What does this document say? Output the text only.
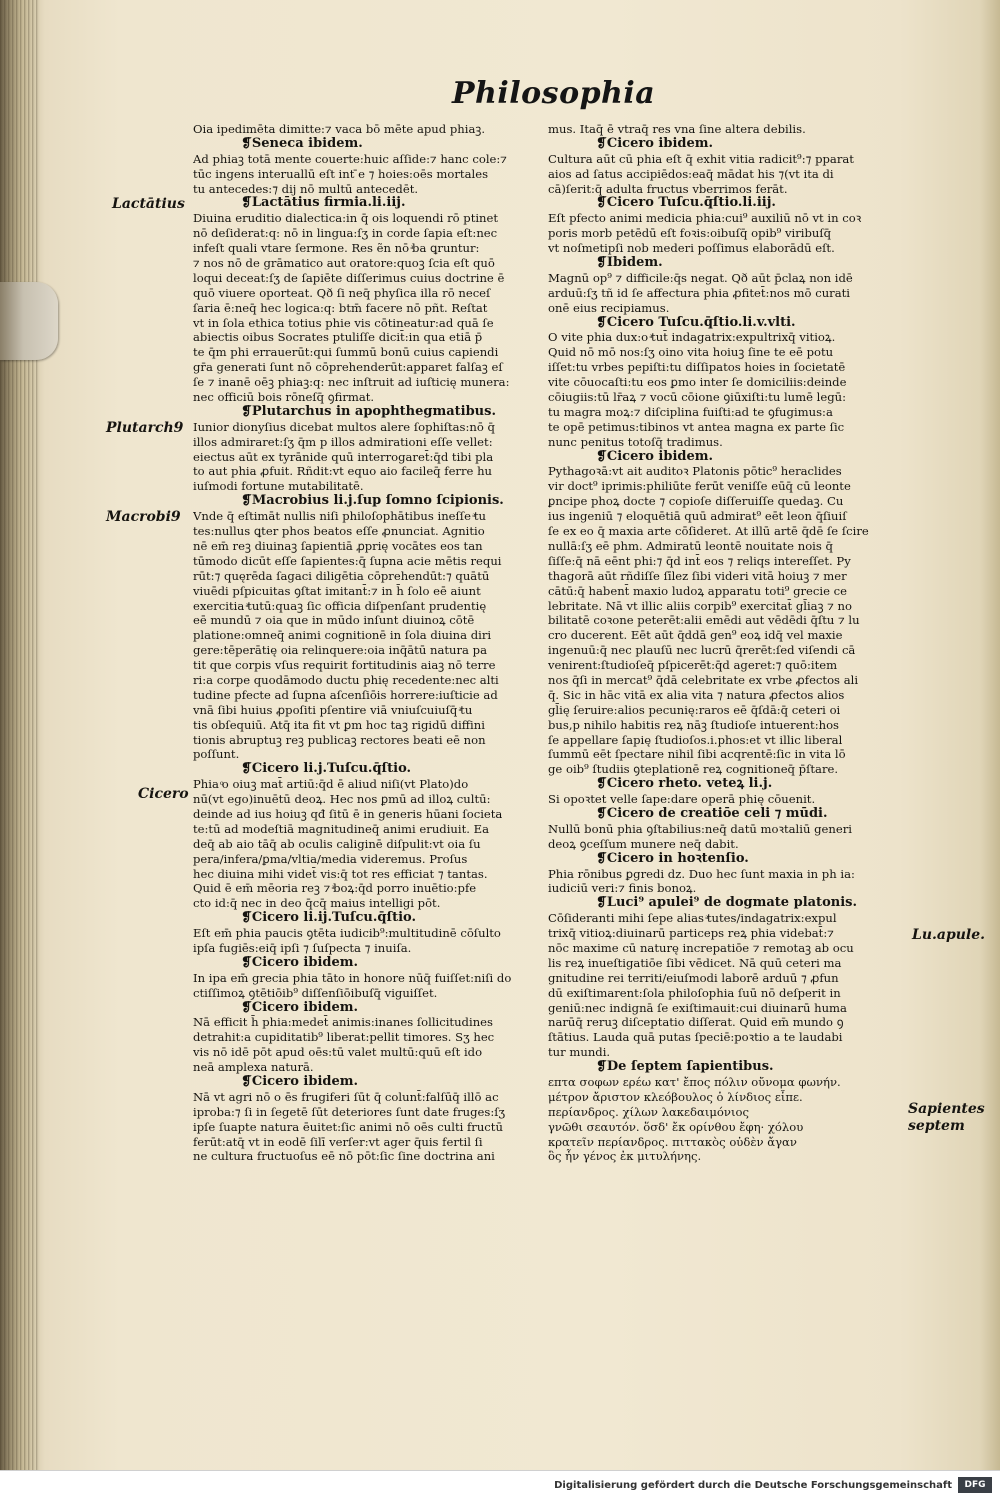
Philosophia
Lactātius
Plutarch9
Macrobi9
Cicero
Lu.apule.
Sapientes
septem
Oia ipedimēta dimitte:⁊ vaca bō mēte apud phiaꝫ.
❡Seneca ibidem.
Ad phiaꝫ totā mente couerte:huic aſſide:⁊ hanc cole:⁊
tūc ingens interuallū eſt int ̄e ⁊ hoies:oēs mortales
tu antecedes:⁊ dij nō multū antecedēt.
❡Lactātius firmia.li.iij.
Diuina eruditio dialectica:in q̄ ois loquendi rō ptinet
nō deſiderat:q: nō in lingua:ſʒ in corde ſapia eſt:nec
infeſt quali vtare ſermone. Res ẽn nō ͣba ꝗruntur:
⁊ nos nō de grāmatico aut oratore:quoꝫ ſcia eſt quō
loqui deceat:ſʒ de ſapiēte diſſerimus cuius doctrine ē
quō viuere oporteat. Qð ſi neq̄ phyſica illa rō neceſ
ſaria ē:neq̄ hec logica:q: btm̄ facere nō pñt. Reſtat
vt in ſola ethica totius phie vis cōtineatur:ad quā ſe
abiectis oibus Socrates ptuliſſe dicit̄:in qua etiā p̄
te q̄m phi errauerūt:qui ſummū bonū cuius capiendi
gr̄a generati ſunt nō cōprehenderūt:apparet falſaꝫ eſ
ſe ⁊ inanē oēꝫ phiaꝫ:q: nec inſtruit ad iuſticię munera:
nec officiū bois rōneſq̄ ꝯfirmat.
❡Plutarchus in apophthegmatibus.
Iunior dionyſius dicebat multos alere ſophiſtas:nō q̄
illos admiraret:ſʒ q̄m p illos admirationi eſſe vellet:
eiectus aūt ex tyrānide quū interrogaret̄:q̄d tibi pla
to aut phia ꝓfuit. Rñdit:vt equo aio facileq̄ ferre hu
iuſmodi fortune mutabilitatē.
❡Macrobius li.j.ſup ſomno ſcipionis.
Vnde q̄ eſtimāt nullis niſi philoſophātibus ineſſe ͣtu
tes:nullus ꝗter phos beatos eſſe ꝓnunciat. Agnitio
nē em̄ reꝫ diuinaꝫ ſapientiā ꝓprię vocātes eos tan
tūmodo dicūt eſſe ſapientes:q̄ ſupna acie mētis requi
rūt:⁊ quęrēda ſagaci diligētia cōprehendūt:⁊ quātū
viuēdi pſpicuitas ꝯſtat imitant̄:⁊ in h̄ ſolo eē aiunt
exercitia ͣtutū:quaꝫ ſic officia diſpenſant prudentię
eē mundū ⁊ oia que in mūdo inſunt diuinoꝝ cōtē
platione:omneq̄ animi cognitionē in ſola diuina diri
gere:tēperātię oia relinquere:oia inq̄ātū natura pa
tit que corpis vſus requirit fortitudinis aiaꝫ nō terre
ri:a corpe quodāmodo ductu phię recedente:nec alti
tudine pfecte ad ſupna aſcenſiōis horrere:iuſticie ad
vnā ſibi huius ꝓpoſiti pſentire viā vniuſcuiuſq̄ ͣtu
tis obſequiū. Atq̄ ita fit vt ꝑm hoc taꝫ rigidū diffini
tionis abruptuꝫ reꝫ publicaꝫ rectores beati eē non
poſſunt.
❡Cicero li.j.Tuſcu.q̄ſtio.
Phia ͦo oiuꝫ mat̄ artiū:q̄d ē aliud niſi(vt Plato)do
nū(vt ego)inuētū deoꝝ. Hec nos ꝑmū ad illoꝝ cultū:
deinde ad ius hoiuꝫ qđ ſitū ē in generis hūani ſocieta
te:tū ad modeſtiā magnitudineq̄ animi erudiuit. Ea
deq̄ ab aio tāq̄ ab oculis caliginē diſpulit:vt oia ſu
pera/infera/ꝑma/vltia/media videremus. Proſus
hec diuina mihi videt̄ vis:q̄ tot res efficiat ⁊ tantas.
Quid ē em̄ mēoria reꝫ ⁊ ͣboꝝ:q̄d porro inuētio:pfe
cto id:q̄ nec in deo q̄cq̄ maius intelligi pōt.
❡Cicero li.ij.Tuſcu.q̄ſtio.
Eſt em̄ phia paucis ꝯtēta iudicib⁹:multitudinē cōſulto
ipſa fugiēs:eiq̄ ipſi ⁊ ſuſpecta ⁊ inuiſa.
❡Cicero ibidem.
In ipa em̄ grecia phia tāto in honore nūq̄ fuiſſet:niſi do
ctiſſimoꝝ ꝯtētiōib⁹ diſſenſiōibuſq̄ viguiſſet.
❡Cicero ibidem.
Nā efficit h̄ phia:medet̄ animis:inanes ſollicitudines
detrahit:a cupiditatib⁹ liberat:pellit timores. Sʒ hec
vis nō idē pōt apud oēs:tū valet multū:quū eſt ido
neā amplexa naturā.
❡Cicero ibidem.
Nā vt agri nō o ēs frugiferi ſūt q̄ colunt̄:falſūq̄ illō ac
iproba:⁊ ſi in ſegetē ſūt deteriores ſunt date fruges:ſʒ
ipſe ſuapte natura ēuitet:ſic animi nō oēs culti fructū
ferūt:atq̄ vt in eodē ſilī verſer:vt ager q̄uis fertil ſi
ne cultura fructuoſus eē nō pōt:ſic ſine doctrina ani
mus. Itaq̄ ē vtraq̄ res vna ſine altera debilis.
❡Cicero ibidem.
Cultura aūt cū phia eſt q̄ exhit vitia radicit⁹:⁊ pparat
aios ad ſatus accipiēdos:eaq̄ mādat his ⁊(vt ita di
cā)ſerit:q̄ adulta fructus vberrimos ferāt.
❡Cicero Tuſcu.q̄ſtio.li.iij.
Eſt pfecto animi medicia phia:cui⁹ auxiliū nō vt in coꝛ
poris morb petēdū eſt foꝛis:oibuſq̄ opib⁹ viribuſq̄
vt noſmetipſi nob mederi poſſimus elaborādū eſt.
❡Ibidem.
Magnū op⁹ ⁊ difficile:q̄s negat. Qð aūt p̄claꝝ non idē
arduū:ſʒ tñ id ſe affectura phia ꝓfitet̄:nos mō curati
onē eius recipiamus.
❡Cicero Tuſcu.q̄ſtio.li.v.vlti.
O vite phia dux:o ͣtut̄ indagatrix:expultrixq̄ vitioꝝ.
Quid nō mō nos:ſʒ oino vita hoiuꝫ ſine te eē potu
iſſet:tu vrbes pepiſti:tu diſſipatos hoies in ſocietatē
vite cōuocaſti:tu eos ꝑmo inter ſe domiciliis:deinde
cōiugiis:tū lr̄aꝝ ⁊ vocū cōione ꝯiūxiſti:tu lumē legū:
tu magra moꝝ:⁊ diſciplina fuiſti:ad te ꝯfugimus:a
te opē petimus:tibinos vt antea magna ex parte ſic
nunc penitus totoſq̄ tradimus.
❡Cicero ibidem.
Pythagoꝛā:vt ait auditoꝛ Platonis pōtic⁹ heraclides
vir doct⁹ iprimis:philiūte ferūt veniſſe eūq̄ cū leonte
ꝑncipe phoꝝ docte ⁊ copioſe diſſeruiſſe quedaꝫ. Cu
ius ingeniū ⁊ eloquētiā quū admirat⁹ eēt leon q̄ſiuiſ
ſe ex eo q̄ maxia arte cōſideret. At illū artē q̄dē ſe ſcire
nullā:ſʒ eē phm. Admiratū leontē nouitate nois q̄
ſiſſe:q̄ nā eēnt phi:⁊ q̄d int̄ eos ⁊ reliqs intereſſet. Py
thagorā aūt rñdiſſe ſīlez ſibi videri vitā hoiuꝫ ⁊ mer
cātū:q̄ habent̄ maxio ludoꝝ apparatu toti⁹ grecie ce
lebritate. Nā vt illic aliis corpib⁹ exercitat̄ gl̄iaꝫ ⁊ no
bilitatē coꝛone peterēt:alii emēdi aut vēdēdi q̄ſtu ⁊ lu
cro ducerent. Eēt aūt q̄ddā gen⁹ eoꝝ idq̄ vel maxie
ingenuū:q̄ nec plauſū nec lucrū q̄rerēt:ſed viſendi cā
venirent:ſtudioſeq̄ pſpicerēt:q̄d ageret:⁊ quō:item
nos q̄ſi in mercat⁹ q̄dā celebritate ex vrbe ꝓfectos ali
q̄. Sic in hāc vitā ex alia vita ⁊ natura ꝓfectos alios
gl̄ię ſeruire:alios pecunię:raros eē q̄ſdā:q̄ ceteri oi
bus,p nihilo habitis reꝝ nāꝫ ſtudioſe intuerent:hos
ſe appellare ſapię ſtudioſos.i.phos:et vt illic liberal
ſummū eēt ſpectare nihil ſibi acqrentē:ſic in vita lō
ge oib⁹ ſtudiis ꝯteplationē reꝝ cognitioneq̄ p̄ſtare.
❡Cicero rheto. veteꝝ li.j.
Si opoꝛtet velle ſape:dare operā phię cōuenit.
❡Cicero de creatiōe celi ⁊ mūdi.
Nullū bonū phia ꝯſtabilius:neq̄ datū moꝛtaliū generi
deoꝝ ꝯceſſum munere neq̄ dabit.
❡Cicero in hoꝛtenſio.
Phia rōnibus ꝑgredi dz. Duo hec ſunt maxia in ph ia:
iudiciū veri:⁊ finis bonoꝝ.
❡Luci⁹ apulei⁹ de dogmate platonis.
Cōſideranti mihi ſepe alias ͣtutes/indagatrix:expul
trixq̄ vitioꝝ:diuinarū particeps reꝝ phia videbat̄:⁊
nōc maxime cū naturę increpatiōe ⁊ remotaꝫ ab ocu
lis reꝝ inueſtigatiōe ſibi vēdicet. Nā quū ceteri ma
gnitudine rei territi/eiuſmodi laborē arduū ⁊ ꝓfun
dū exiſtimarent:ſola philoſophia ſuū nō deſperit in
geniū:nec indignā ſe exiſtimauit:cui diuinarū huma
narūq̄ reruꝫ diſceptatio diſſerat. Quid em̄ mundo ꝯ
ſtātius. Lauda quā putas ſpeciē:poꝛtio a te laudabi
tur mundi.
❡De ſeptem ſapientibus.
επτα σοφων ερέω κατ' ἔπος πόλιν οὔνομα φωνήν.
μέτρον ἄριστον κλεόβουλος ὁ λίνδιος εἶπε.
περίανδρος. χίλων λακεδαιμόνιος
γνῶθι σεαυτόν. ὅσδ' ἔκ ορίνθου ἔφη· χόλου
κρατεῖν περίανδρος. πιττακὸς οὐδὲν ἄγαν
ὃς ἦν γένος ἐκ μιτυλήνης.
Digitalisierung gefördert durch die Deutsche Forschungsgemeinschaft	DFG
